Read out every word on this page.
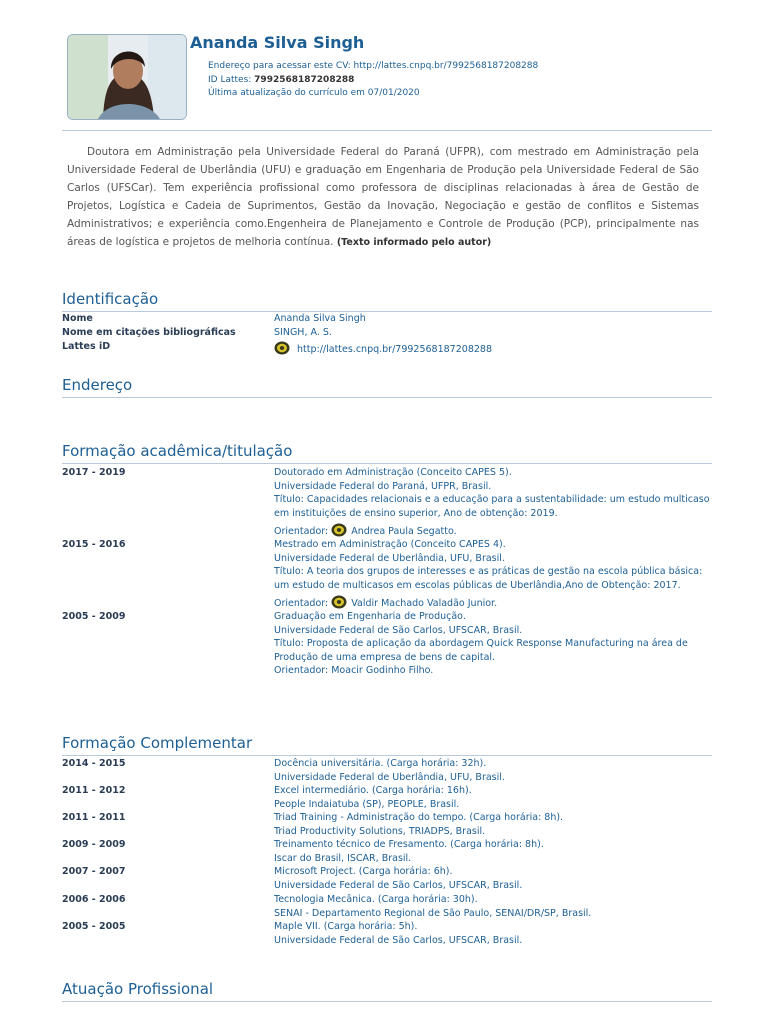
Ananda Silva Singh
Endereço para acessar este CV: http://lattes.cnpq.br/7992568187208288
ID Lattes: 7992568187208288
Última atualização do currículo em 07/01/2020

Doutora em Administração pela Universidade Federal do Paraná (UFPR), com mestrado em Administração pela Universidade Federal de Uberlândia (UFU) e graduação em Engenharia de Produção pela Universidade Federal de São Carlos (UFSCar). Tem experiência profissional como professora de disciplinas relacionadas à área de Gestão de Projetos, Logística e Cadeia de Suprimentos, Gestão da Inovação, Negociação e gestão de conflitos e Sistemas Administrativos; e experiência como.Engenheira de Planejamento e Controle de Produção (PCP), principalmente nas áreas de logística e projetos de melhoria contínua. (Texto informado pelo autor)

Identificação
Nome	Ananda Silva Singh
Nome em citações bibliográficas	SINGH, A. S.
Lattes iD	http://lattes.cnpq.br/7992568187208288
Endereço
Formação acadêmica/titulação
2017 - 2019	Doutorado em Administração (Conceito CAPES 5).
Universidade Federal do Paraná, UFPR, Brasil.
Título: Capacidades relacionais e a educação para a sustentabilidade: um estudo multicaso
em instituições de ensino superior, Ano de obtenção: 2019.
Orientador: Andrea Paula Segatto.
2015 - 2016	Mestrado em Administração (Conceito CAPES 4).
Universidade Federal de Uberlândia, UFU, Brasil.
Título: A teoria dos grupos de interesses e as práticas de gestão na escola pública básica:
um estudo de multicasos em escolas públicas de Uberlândia,Ano de Obtenção: 2017.
Orientador: Valdir Machado Valadão Junior.
2005 - 2009	Graduação em Engenharia de Produção.
Universidade Federal de São Carlos, UFSCAR, Brasil.
Título: Proposta de aplicação da abordagem Quick Response Manufacturing na área de
Produção de uma empresa de bens de capital.
Orientador: Moacir Godinho Filho.
Formação Complementar
2014 - 2015	Docência universitária. (Carga horária: 32h).
Universidade Federal de Uberlândia, UFU, Brasil.
2011 - 2012	Excel intermediário. (Carga horária: 16h).
People Indaiatuba (SP), PEOPLE, Brasil.
2011 - 2011	Triad Training - Administração do tempo. (Carga horária: 8h).
Triad Productivity Solutions, TRIADPS, Brasil.
2009 - 2009	Treinamento técnico de Fresamento. (Carga horária: 8h).
Iscar do Brasil, ISCAR, Brasil.
2007 - 2007	Microsoft Project. (Carga horária: 6h).
Universidade Federal de São Carlos, UFSCAR, Brasil.
2006 - 2006	Tecnologia Mecânica. (Carga horária: 30h).
SENAI - Departamento Regional de São Paulo, SENAI/DR/SP, Brasil.
2005 - 2005	Maple VII. (Carga horária: 5h).
Universidade Federal de São Carlos, UFSCAR, Brasil.
Atuação Profissional
